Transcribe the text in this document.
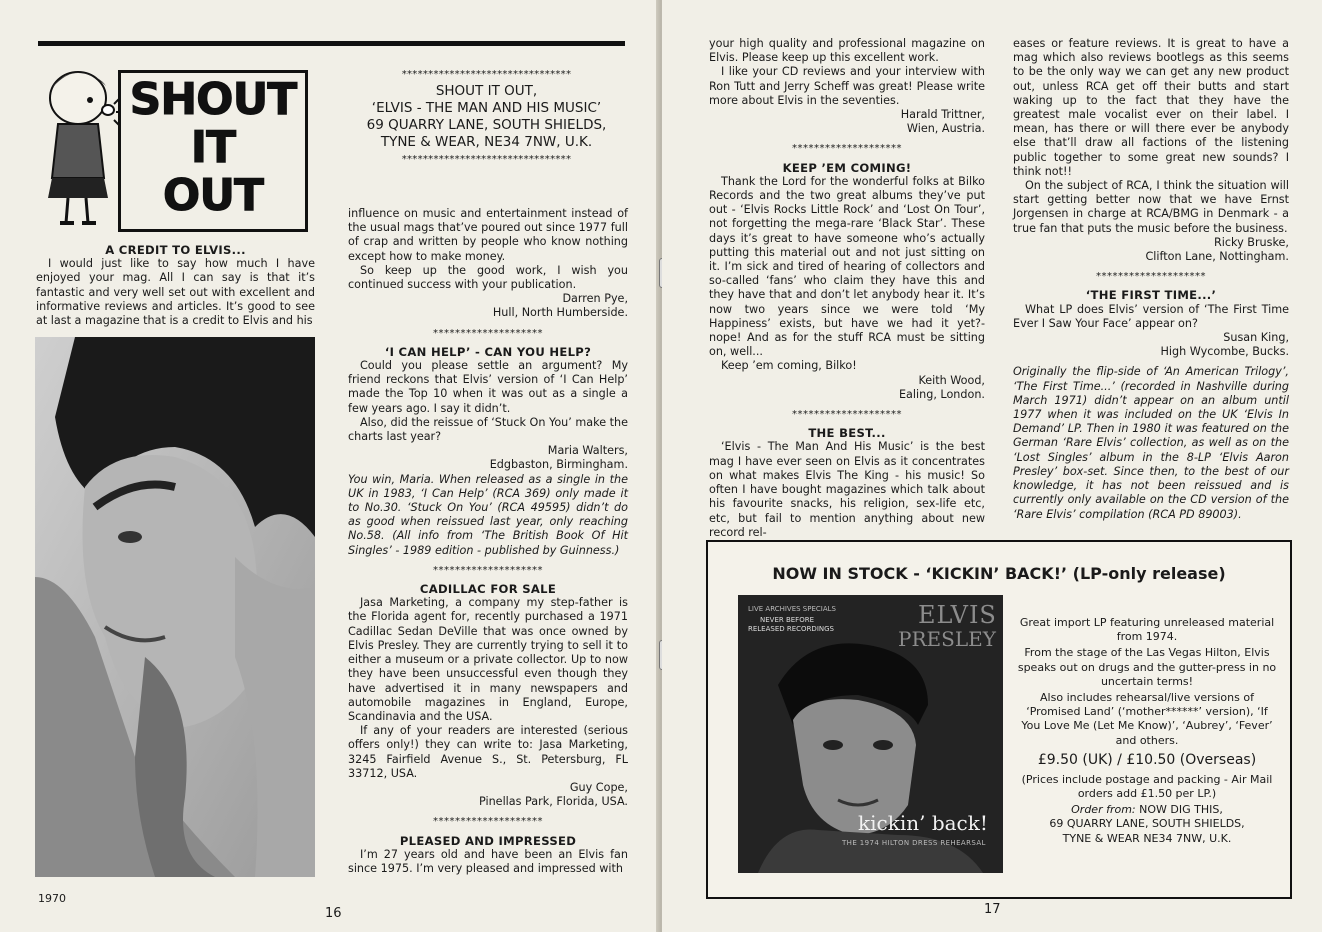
SHOUT
IT
OUT
********************************
SHOUT IT OUT,
‘ELVIS - THE MAN AND HIS MUSIC’
69 QUARRY LANE, SOUTH SHIELDS,
TYNE & WEAR, NE34 7NW, U.K.
********************************

A CREDIT TO ELVIS...

I would just like to say how much I have enjoyed your mag. All I can say is that it’s fantastic and very well set out with excellent and informative reviews and articles. It’s good to see at last a magazine that is a credit to Elvis and his

1970
16

influence on music and entertainment instead of the usual mags that’ve poured out since 1977 full of crap and written by people who know nothing except how to make money.

So keep up the good work, I wish you continued success with your publication.

Darren Pye,

Hull, North Humberside.

********************

‘I CAN HELP’ - CAN YOU HELP?

Could you please settle an argument? My friend reckons that Elvis’ version of ‘I Can Help’ made the Top 10 when it was out as a single a few years ago. I say it didn’t.

Also, did the reissue of ‘Stuck On You’ make the charts last year?

Maria Walters,

Edgbaston, Birmingham.

You win, Maria. When released as a single in the UK in 1983, ‘I Can Help’ (RCA 369) only made it to No.30. ‘Stuck On You’ (RCA 49595) didn’t do as good when reissued last year, only reaching No.58. (All info from ‘The British Book Of Hit Singles’ - 1989 edition - published by Guinness.)

********************

CADILLAC FOR SALE

Jasa Marketing, a company my step-father is the Florida agent for, recently purchased a 1971 Cadillac Sedan DeVille that was once owned by Elvis Presley. They are currently trying to sell it to either a museum or a private collector. Up to now they have been unsuccessful even though they have advertised it in many newspapers and automobile magazines in England, Europe, Scandinavia and the USA.

If any of your readers are interested (serious offers only!) they can write to: Jasa Marketing, 3245 Fairfield Avenue S., St. Petersburg, FL 33712, USA.

Guy Cope,

Pinellas Park, Florida, USA.

********************

PLEASED AND IMPRESSED

I’m 27 years old and have been an Elvis fan since 1975. I’m very pleased and impressed with

your high quality and professional magazine on Elvis. Please keep up this excellent work.

I like your CD reviews and your interview with Ron Tutt and Jerry Scheff was great! Please write more about Elvis in the seventies.

Harald Trittner,

Wien, Austria.

********************

KEEP ’EM COMING!

Thank the Lord for the wonderful folks at Bilko Records and the two great albums they’ve put out - ‘Elvis Rocks Little Rock’ and ‘Lost On Tour’, not forgetting the mega-rare ‘Black Star’. These days it’s great to have someone who’s actually putting this material out and not just sitting on it. I’m sick and tired of hearing of collectors and so-called ‘fans’ who claim they have this and they have that and don’t let anybody hear it. It’s now two years since we were told ‘My Happiness’ exists, but have we had it yet?- nope! And as for the stuff RCA must be sitting on, well...

Keep ’em coming, Bilko!

Keith Wood,

Ealing, London.

********************

THE BEST...

‘Elvis - The Man And His Music’ is the best mag I have ever seen on Elvis as it concentrates on what makes Elvis The King - his music! So often I have bought magazines which talk about his favourite snacks, his religion, sex-life etc, etc, but fail to mention anything about new record rel-

eases or feature reviews. It is great to have a mag which also reviews bootlegs as this seems to be the only way we can get any new product out, unless RCA get off their butts and start waking up to the fact that they have the greatest male vocalist ever on their label. I mean, has there or will there ever be anybody else that’ll draw all factions of the listening public together to some great new sounds? I think not!!

On the subject of RCA, I think the situation will start getting better now that we have Ernst Jorgensen in charge at RCA/BMG in Denmark - a true fan that puts the music before the business.

Ricky Bruske,

Clifton Lane, Nottingham.

********************

‘THE FIRST TIME...’

What LP does Elvis’ version of ‘The First Time Ever I Saw Your Face’ appear on?

Susan King,

High Wycombe, Bucks.

Originally the flip-side of ‘An American Trilogy’, ‘The First Time...’ (recorded in Nashville during March 1971) didn’t appear on an album until 1977 when it was included on the UK ‘Elvis In Demand’ LP. Then in 1980 it was featured on the German ‘Rare Elvis’ collection, as well as on the ‘Lost Singles’ album in the 8-LP ‘Elvis Aaron Presley’ box-set. Since then, to the best of our knowledge, it has not been reissued and is currently only available on the CD version of the ‘Rare Elvis’ compilation (RCA PD 89003).

17
NOW IN STOCK - ‘KICKIN’ BACK!’ (LP-only release)
LIVE ARCHIVES SPECIALS
NEVER BEFORE
RELEASED RECORDINGS	ELVIS
PRESLEY
kickin’ back!
THE 1974 HILTON DRESS REHEARSAL
Great import LP featuring unreleased material from 1974.
From the stage of the Las Vegas Hilton, Elvis speaks out on drugs and the gutter-press in no uncertain terms!
Also includes rehearsal/live versions of ‘Promised Land’ (‘mother******’ version), ‘If You Love Me (Let Me Know)’, ‘Aubrey’, ‘Fever’ and others.
£9.50 (UK) / £10.50 (Overseas)
(Prices include postage and packing - Air Mail orders add £1.50 per LP.)
Order from: NOW DIG THIS,
69 QUARRY LANE, SOUTH SHIELDS,
TYNE & WEAR NE34 7NW, U.K.
